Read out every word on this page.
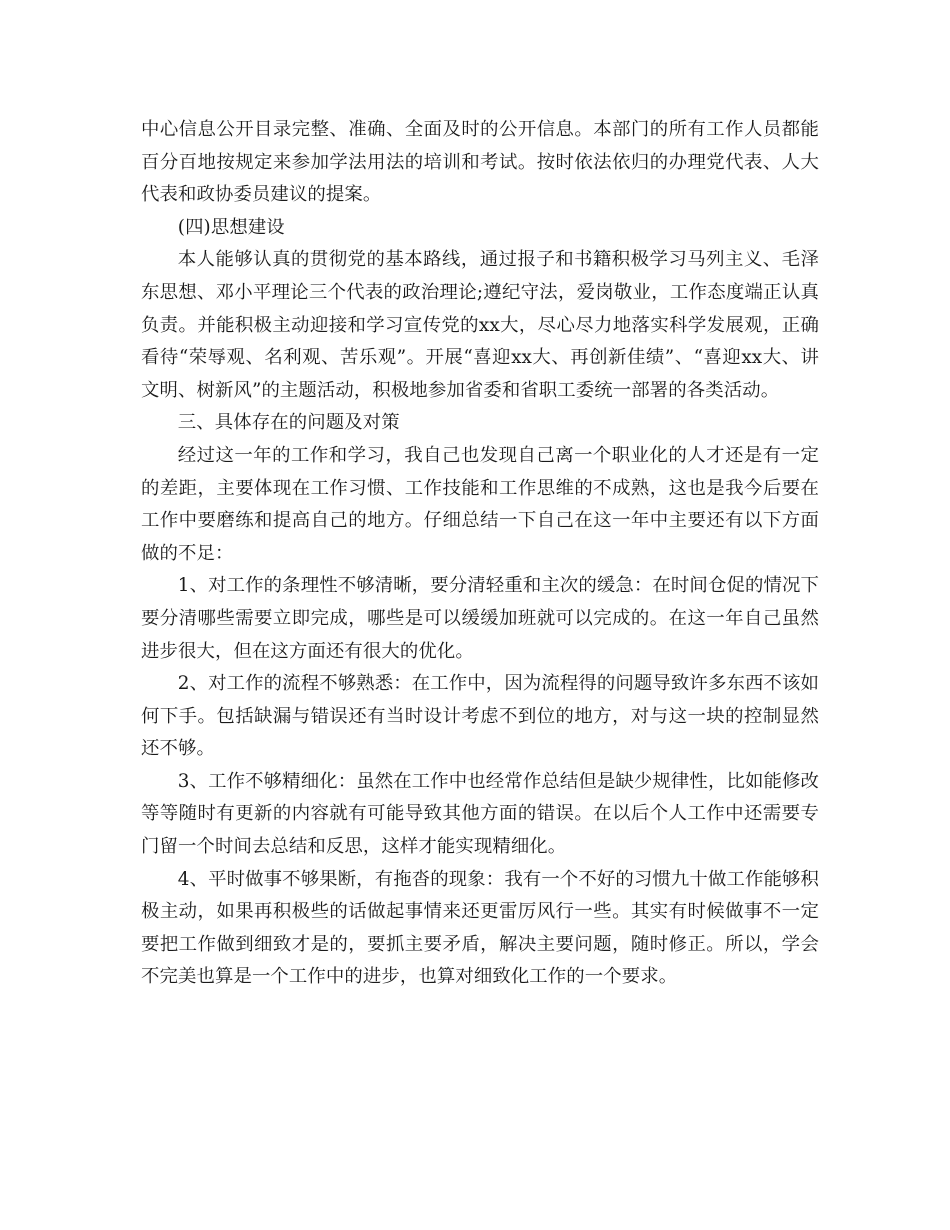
中心信息公开目录完整、准确、全面及时的公开信息。本部门的所有工作人员都能百分百地按规定来参加学法用法的培训和考试。按时依法依归的办理党代表、人大代表和政协委员建议的提案。

(四)思想建设

本人能够认真的贯彻党的基本路线，通过报子和书籍积极学习马列主义、毛泽东思想、邓小平理论三个代表的政治理论;遵纪守法，爱岗敬业，工作态度端正认真负责。并能积极主动迎接和学习宣传党的xx大，尽心尽力地落实科学发展观，正确看待“荣辱观、名利观、苦乐观”。开展“喜迎xx大、再创新佳绩”、“喜迎xx大、讲文明、树新风”的主题活动，积极地参加省委和省职工委统一部署的各类活动。

三、具体存在的问题及对策

经过这一年的工作和学习，我自己也发现自己离一个职业化的人才还是有一定的差距，主要体现在工作习惯、工作技能和工作思维的不成熟，这也是我今后要在工作中要磨练和提高自己的地方。仔细总结一下自己在这一年中主要还有以下方面做的不足：

1、对工作的条理性不够清晰，要分清轻重和主次的缓急：在时间仓促的情况下要分清哪些需要立即完成，哪些是可以缓缓加班就可以完成的。在这一年自己虽然进步很大，但在这方面还有很大的优化。

2、对工作的流程不够熟悉：在工作中，因为流程得的问题导致许多东西不该如何下手。包括缺漏与错误还有当时设计考虑不到位的地方，对与这一块的控制显然还不够。

3、工作不够精细化：虽然在工作中也经常作总结但是缺少规律性，比如能修改等等随时有更新的内容就有可能导致其他方面的错误。在以后个人工作中还需要专门留一个时间去总结和反思，这样才能实现精细化。

4、平时做事不够果断，有拖沓的现象：我有一个不好的习惯九十做工作能够积极主动，如果再积极些的话做起事情来还更雷厉风行一些。其实有时候做事不一定要把工作做到细致才是的，要抓主要矛盾，解决主要问题，随时修正。所以，学会不完美也算是一个工作中的进步，也算对细致化工作的一个要求。
